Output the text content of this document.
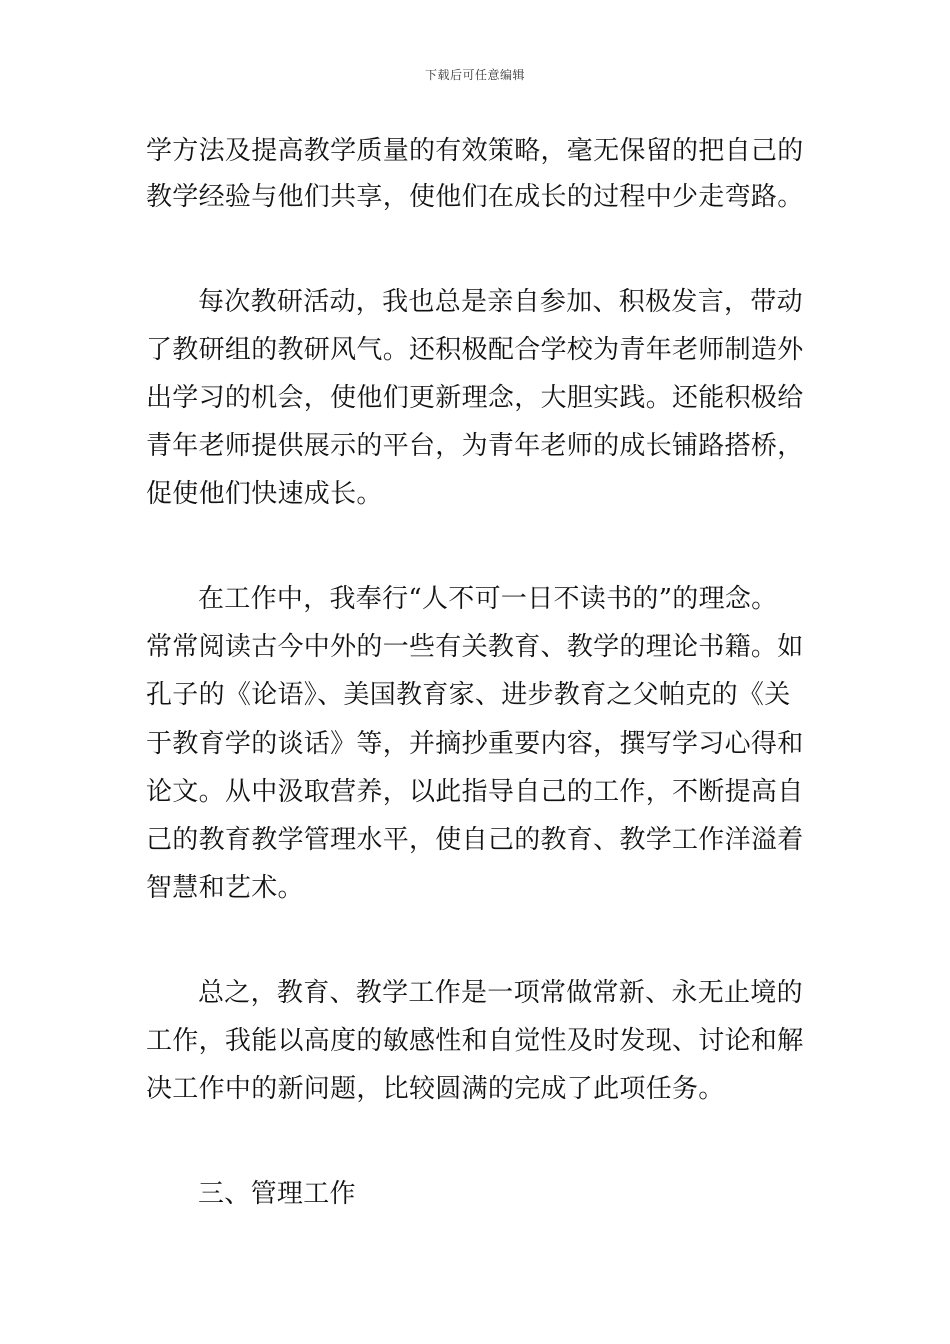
下载后可任意编辑
学方法及提高教学质量的有效策略，毫无保留的把自己的
教学经验与他们共享，使他们在成长的过程中少走弯路。
每次教研活动，我也总是亲自参加、积极发言，带动
了教研组的教研风气。还积极配合学校为青年老师制造外
出学习的机会，使他们更新理念，大胆实践。还能积极给
青年老师提供展示的平台，为青年老师的成长铺路搭桥，
促使他们快速成长。
在工作中，我奉行“人不可一日不读书的”的理念。
常常阅读古今中外的一些有关教育、教学的理论书籍。如
孔子的《论语》、美国教育家、进步教育之父帕克的《关
于教育学的谈话》等，并摘抄重要内容，撰写学习心得和
论文。从中汲取营养，以此指导自己的工作，不断提高自
己的教育教学管理水平，使自己的教育、教学工作洋溢着
智慧和艺术。
总之，教育、教学工作是一项常做常新、永无止境的
工作，我能以高度的敏感性和自觉性及时发现、讨论和解
决工作中的新问题，比较圆满的完成了此项任务。
三、管理工作
